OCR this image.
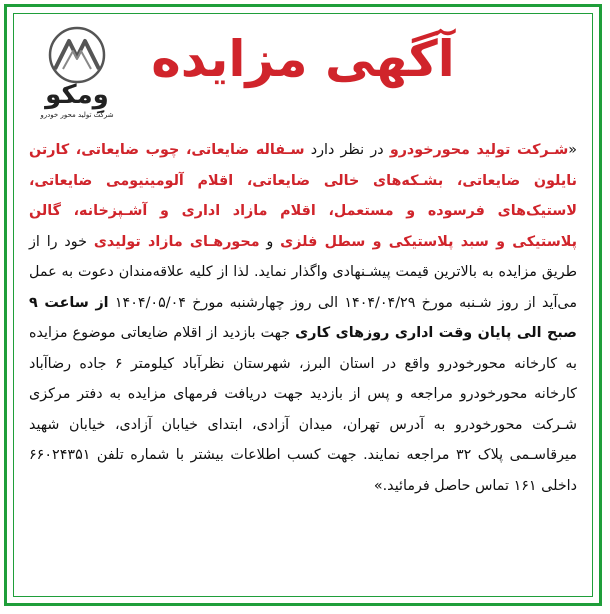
وِمکو
شرکت تولید محور خودرو
آگهی مزایده
«شـرکت تولید محورخودرو در نظر دارد سـفاله ضایعاتی، چوب ضایعاتی، کارتن نایلون ضایعاتی، بشـکه‌های خالی ضایعاتی، اقلام آلومینیومی ضایعاتی، لاستیک‌های فرسوده و مستعمل، اقلام مازاد اداری و آشـپزخانه، گالن پلاستیکی و سبد پلاستیکی و سطل فلزی و محورهـای مازاد تولیدی خود را از طریق مزایده به بالاترین قیمت پیشـنهادی واگذار نماید. لذا از کلیه علاقه‌مندان دعوت به عمل می‌آید از روز شـنبه مورخ ۱۴۰۴/۰۴/۲۹ الی روز چهارشنبه مورخ ۱۴۰۴/۰۵/۰۴ از ساعت ۹ صبح الی پایان وقت اداری روزهای کاری جهت بازدید از اقلام ضایعاتی موضوع مزایده به کارخانه محورخودرو واقع در استان البرز، شهرستان نظرآباد کیلومتر ۶ جاده رضاآباد کارخانه محورخودرو مراجعه و پس از بازدید جهت دریافت فرمهای مزایده به دفتر مرکزی شـرکت محورخودرو به آدرس تهران، میدان آزادی، ابتدای خیابان آزادی، خیابان شهید میرقاسـمی پلاک ۳۲ مراجعه نمایند. جهت کسب اطلاعات بیشتر با شماره تلفن ۶۶۰۲۴۳۵۱ داخلی ۱۶۱ تماس حاصل فرمائید.»
